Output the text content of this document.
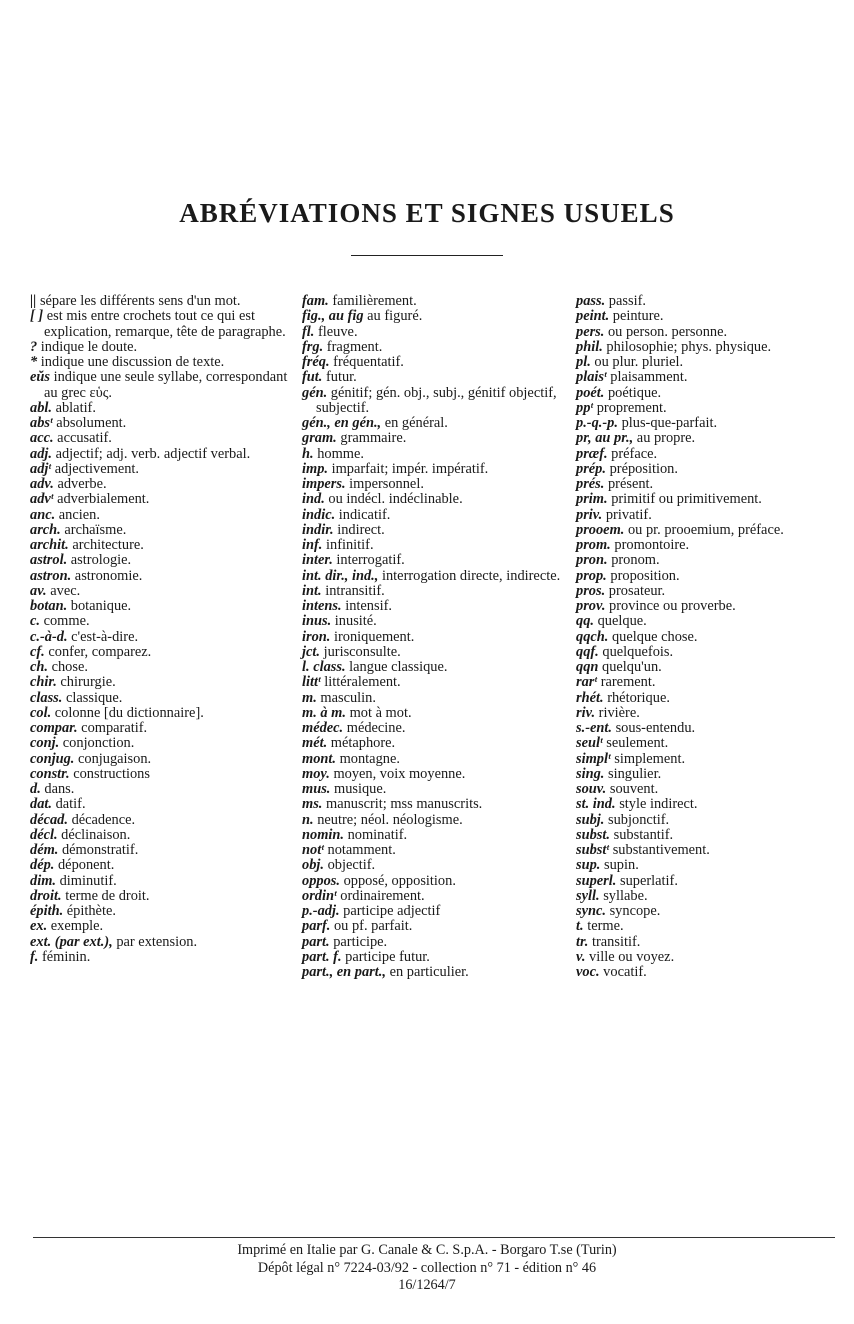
ABRÉVIATIONS ET SIGNES USUELS
|| sépare les différents sens d'un mot.
[ ] est mis entre crochets tout ce qui est explication, remarque, tête de paragraphe.
? indique le doute.
* indique une discussion de texte.
eŭs indique une seule syllabe, correspondant au grec εὑς.
abl. ablatif.
absᵗ absolument.
acc. accusatif.
adj. adjectif; adj. verb. adjectif verbal.
adjᵗ adjectivement.
adv. adverbe.
advᵗ adverbialement.
anc. ancien.
arch. archaïsme.
archit. architecture.
astrol. astrologie.
astron. astronomie.
av. avec.
botan. botanique.
c. comme.
c.-à-d. c'est-à-dire.
cf. confer, comparez.
ch. chose.
chir. chirurgie.
class. classique.
col. colonne [du dictionnaire].
compar. comparatif.
conj. conjonction.
conjug. conjugaison.
constr. constructions
d. dans.
dat. datif.
décad. décadence.
décl. déclinaison.
dém. démonstratif.
dép. déponent.
dim. diminutif.
droit. terme de droit.
épith. épithète.
ex. exemple.
ext. (par ext.), par extension.
f. féminin.
fam. familièrement.
fig., au fig au figuré.
fl. fleuve.
frg. fragment.
fréq. fréquentatif.
fut. futur.
gén. génitif; gén. obj., subj., génitif objectif, subjectif.
gén., en gén., en général.
gram. grammaire.
h. homme.
imp. imparfait; impér. impératif.
impers. impersonnel.
ind. ou indécl. indéclinable.
indic. indicatif.
indir. indirect.
inf. infinitif.
inter. interrogatif.
int. dir., ind., interrogation directe, indirecte.
int. intransitif.
intens. intensif.
inus. inusité.
iron. ironiquement.
jct. jurisconsulte.
l. class. langue classique.
littᵗ littéralement.
m. masculin.
m. à m. mot à mot.
médec. médecine.
mét. métaphore.
mont. montagne.
moy. moyen, voix moyenne.
mus. musique.
ms. manuscrit; mss manuscrits.
n. neutre; néol. néologisme.
nomin. nominatif.
notᵗ notamment.
obj. objectif.
oppos. opposé, opposition.
ordinᵗ ordinairement.
p.-adj. participe adjectif
parf. ou pf. parfait.
part. participe.
part. f. participe futur.
part., en part., en particulier.
pass. passif.
peint. peinture.
pers. ou person. personne.
phil. philosophie; phys. physique.
pl. ou plur. pluriel.
plaisᵗ plaisamment.
poét. poétique.
ppᵗ proprement.
p.-q.-p. plus-que-parfait.
pr, au pr., au propre.
præf. préface.
prép. préposition.
prés. présent.
prim. primitif ou primitivement.
priv. privatif.
prooem. ou pr. prooemium, préface.
prom. promontoire.
pron. pronom.
prop. proposition.
pros. prosateur.
prov. province ou proverbe.
qq. quelque.
qqch. quelque chose.
qqf. quelquefois.
qqn quelqu'un.
rarᵗ rarement.
rhét. rhétorique.
riv. rivière.
s.-ent. sous-entendu.
seulᵗ seulement.
simplᵗ simplement.
sing. singulier.
souv. souvent.
st. ind. style indirect.
subj. subjonctif.
subst. substantif.
substᵗ substantivement.
sup. supin.
superl. superlatif.
syll. syllabe.
sync. syncope.
t. terme.
tr. transitif.
v. ville ou voyez.
voc. vocatif.
Imprimé en Italie par G. Canale & C. S.p.A. - Borgaro T.se (Turin)
Dépôt légal n° 7224-03/92 - collection n° 71 - édition n° 46
16/1264/7
